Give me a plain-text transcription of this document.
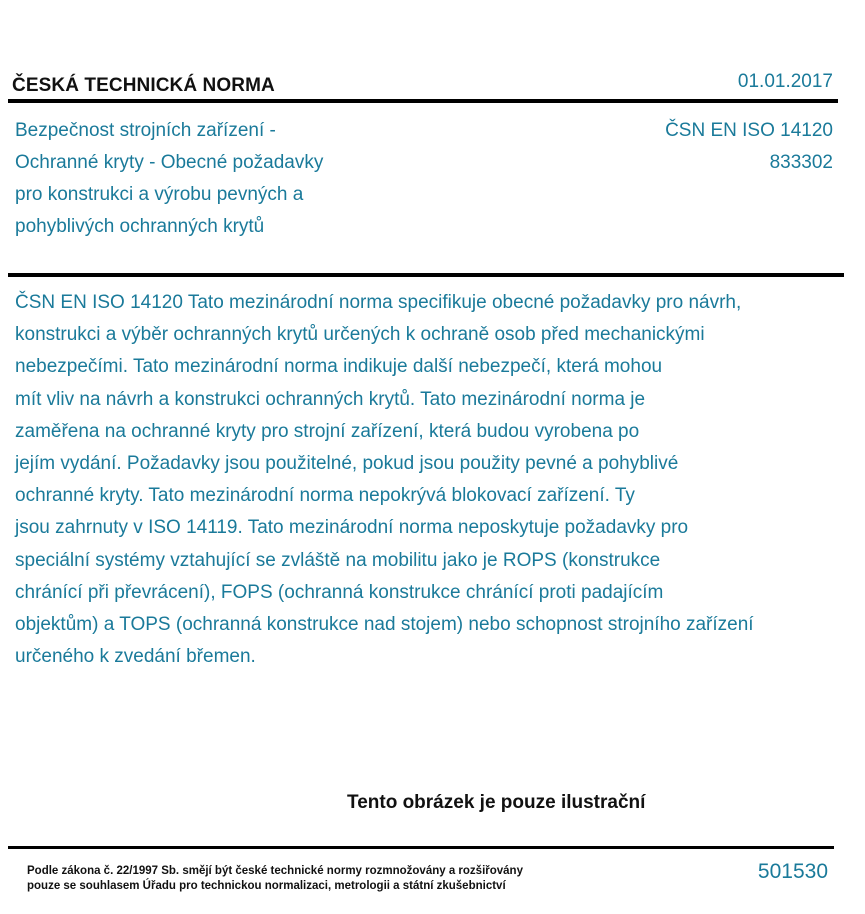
ČESKÁ TECHNICKÁ NORMA	01.01.2017
Bezpečnost strojních zařízení -
Ochranné kryty - Obecné požadavky
pro konstrukci a výrobu pevných a
pohyblivých ochranných krytů
ČSN EN ISO 14120
833302
ČSN EN ISO 14120 Tato mezinárodní norma specifikuje obecné požadavky pro návrh,
konstrukci a výběr ochranných krytů určených k ochraně osob před mechanickými
nebezpečími. Tato mezinárodní norma indikuje další nebezpečí, která mohou
mít vliv na návrh a konstrukci ochranných krytů. Tato mezinárodní norma je
zaměřena na ochranné kryty pro strojní zařízení, která budou vyrobena po
jejím vydání. Požadavky jsou použitelné, pokud jsou použity pevné a pohyblivé
ochranné kryty. Tato mezinárodní norma nepokrývá blokovací zařízení. Ty
jsou zahrnuty v ISO 14119. Tato mezinárodní norma neposkytuje požadavky pro
speciální systémy vztahující se zvláště na mobilitu jako je ROPS (konstrukce
chránící při převrácení), FOPS (ochranná konstrukce chránící proti padajícím
objektům) a TOPS (ochranná konstrukce nad stojem) nebo schopnost strojního zařízení
určeného k zvedání břemen.
Tento obrázek je pouze ilustrační
Podle zákona č. 22/1997 Sb. smějí být české technické normy rozmnožovány a rozšiřovány
pouze se souhlasem Úřadu pro technickou normalizaci, metrologii a státní zkušebnictví
501530
